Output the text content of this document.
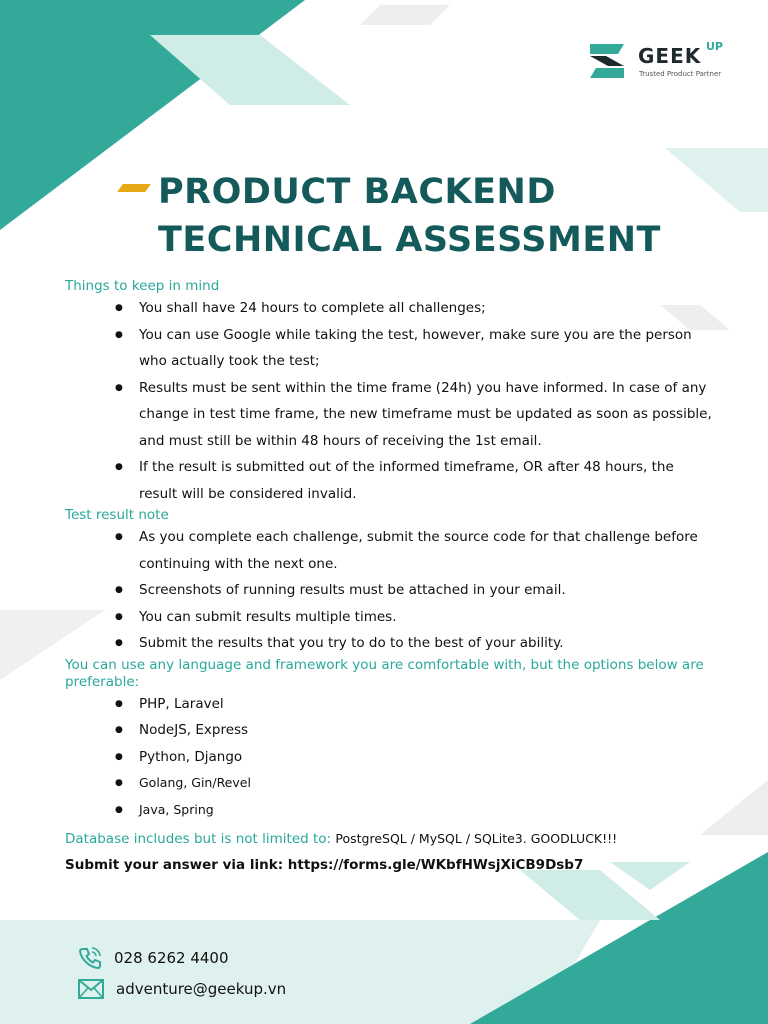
GEEK UP
Trusted Product Partner
PRODUCT BACKEND
TECHNICAL ASSESSMENT
Things to keep in mind
● You shall have 24 hours to complete all challenges;
● You can use Google while taking the test, however, make sure you are the person who actually took the test;
● Results must be sent within the time frame (24h) you have informed. In case of any change in test time frame, the new timeframe must be updated as soon as possible, and must still be within 48 hours of receiving the 1st email.
● If the result is submitted out of the informed timeframe, OR after 48 hours, the result will be considered invalid.
Test result note
● As you complete each challenge, submit the source code for that challenge before continuing with the next one.
● Screenshots of running results must be attached in your email.
● You can submit results multiple times.
● Submit the results that you try to do to the best of your ability.
You can use any language and framework you are comfortable with, but the options below are preferable:
● PHP, Laravel
● NodeJS, Express
● Python, Django
● Golang, Gin/Revel
● Java, Spring
Database includes but is not limited to: PostgreSQL / MySQL / SQLite3. GOODLUCK!!!
Submit your answer via link: https://forms.gle/WKbfHWsjXiCB9Dsb7
028 6262 4400
adventure@geekup.vn
